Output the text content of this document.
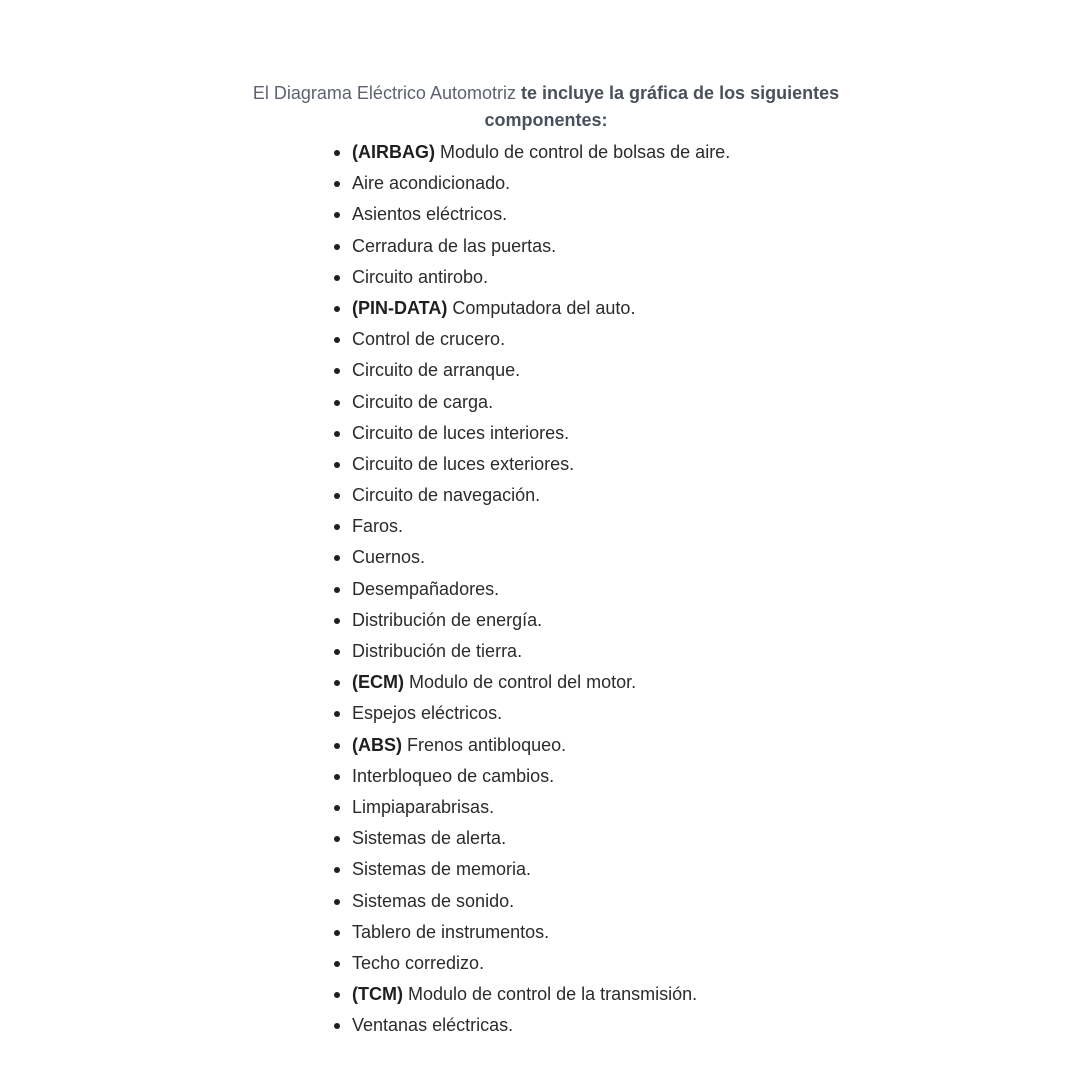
El Diagrama Eléctrico Automotriz te incluye la gráfica de los siguientes componentes:

(AIRBAG) Modulo de control de bolsas de aire.
Aire acondicionado.
Asientos eléctricos.
Cerradura de las puertas.
Circuito antirobo.
(PIN-DATA) Computadora del auto.
Control de crucero.
Circuito de arranque.
Circuito de carga.
Circuito de luces interiores.
Circuito de luces exteriores.
Circuito de navegación.
Faros.
Cuernos.
Desempañadores.
Distribución de energía.
Distribución de tierra.
(ECM) Modulo de control del motor.
Espejos eléctricos.
(ABS) Frenos antibloqueo.
Interbloqueo de cambios.
Limpiaparabrisas.
Sistemas de alerta.
Sistemas de memoria.
Sistemas de sonido.
Tablero de instrumentos.
Techo corredizo.
(TCM) Modulo de control de la transmisión.
Ventanas eléctricas.
